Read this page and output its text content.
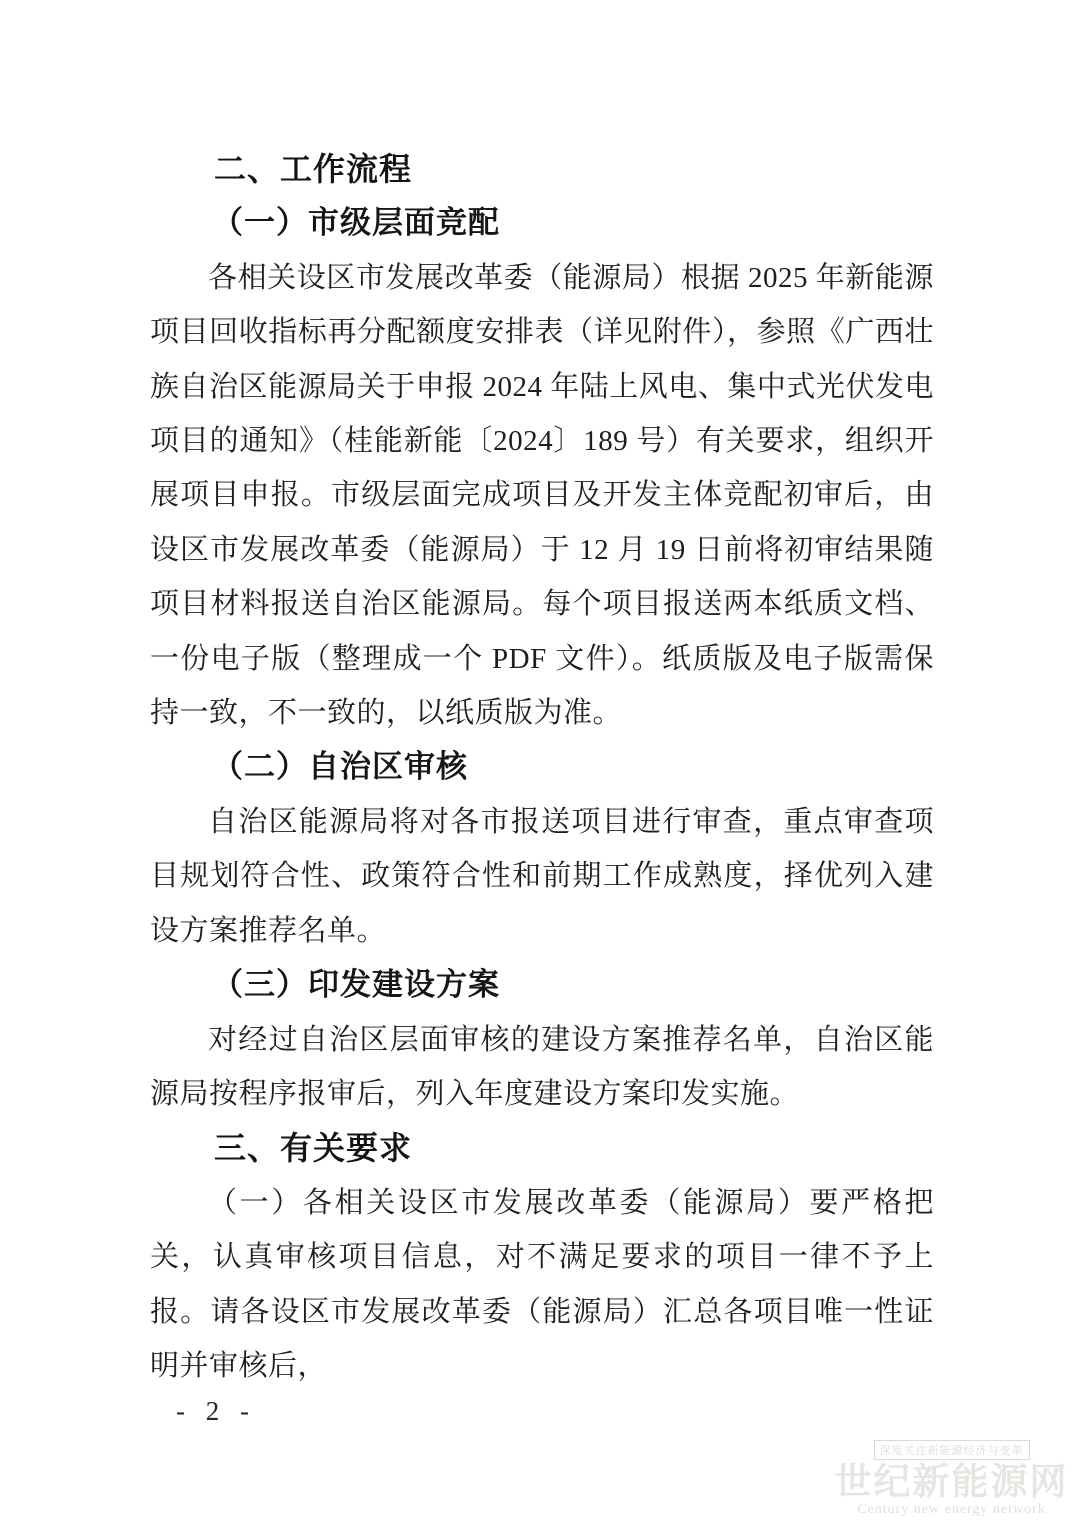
二、工作流程

（一）市级层面竞配

各相关设区市发展改革委（能源局）根据 2025 年新能源项目回收指标再分配额度安排表（详见附件），参照《广西壮族自治区能源局关于申报 2024 年陆上风电、集中式光伏发电项目的通知》（桂能新能〔2024〕189 号）有关要求，组织开展项目申报。市级层面完成项目及开发主体竞配初审后，由设区市发展改革委（能源局）于 12 月 19 日前将初审结果随项目材料报送自治区能源局。每个项目报送两本纸质文档、一份电子版（整理成一个 PDF 文件）。纸质版及电子版需保持一致，不一致的，以纸质版为准。

（二）自治区审核

自治区能源局将对各市报送项目进行审查，重点审查项目规划符合性、政策符合性和前期工作成熟度，择优列入建设方案推荐名单。

（三）印发建设方案

对经过自治区层面审核的建设方案推荐名单，自治区能源局按程序报审后，列入年度建设方案印发实施。

三、有关要求

（一）各相关设区市发展改革委（能源局）要严格把关，认真审核项目信息，对不满足要求的项目一律不予上报。请各设区市发展改革委（能源局）汇总各项目唯一性证明并审核后，

- 2 -
深度关注新能源经济与变革
世纪新能源网
Century new energy network
